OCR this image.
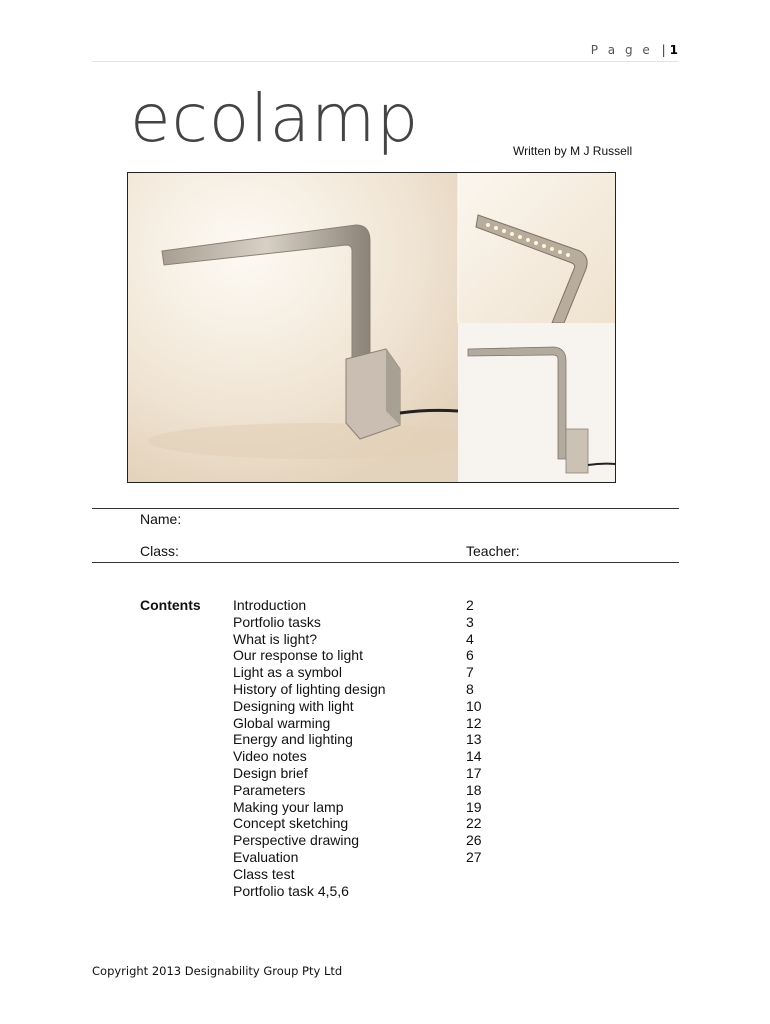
P a g e | 1
ecolamp	Written by M J Russell
Name:
Class:	Teacher:
Contents Introduction	2
Portfolio tasks	3
What is light?	4
Our response to light	6
Light as a symbol	7
History of lighting design	8
Designing with light	10
Global warming	12
Energy and lighting	13
Video notes	14
Design brief	17
Parameters	18
Making your lamp	19
Concept sketching	22
Perspective drawing	26
Evaluation	27
Class test
Portfolio task 4,5,6
Copyright 2013 Designability Group Pty Ltd
